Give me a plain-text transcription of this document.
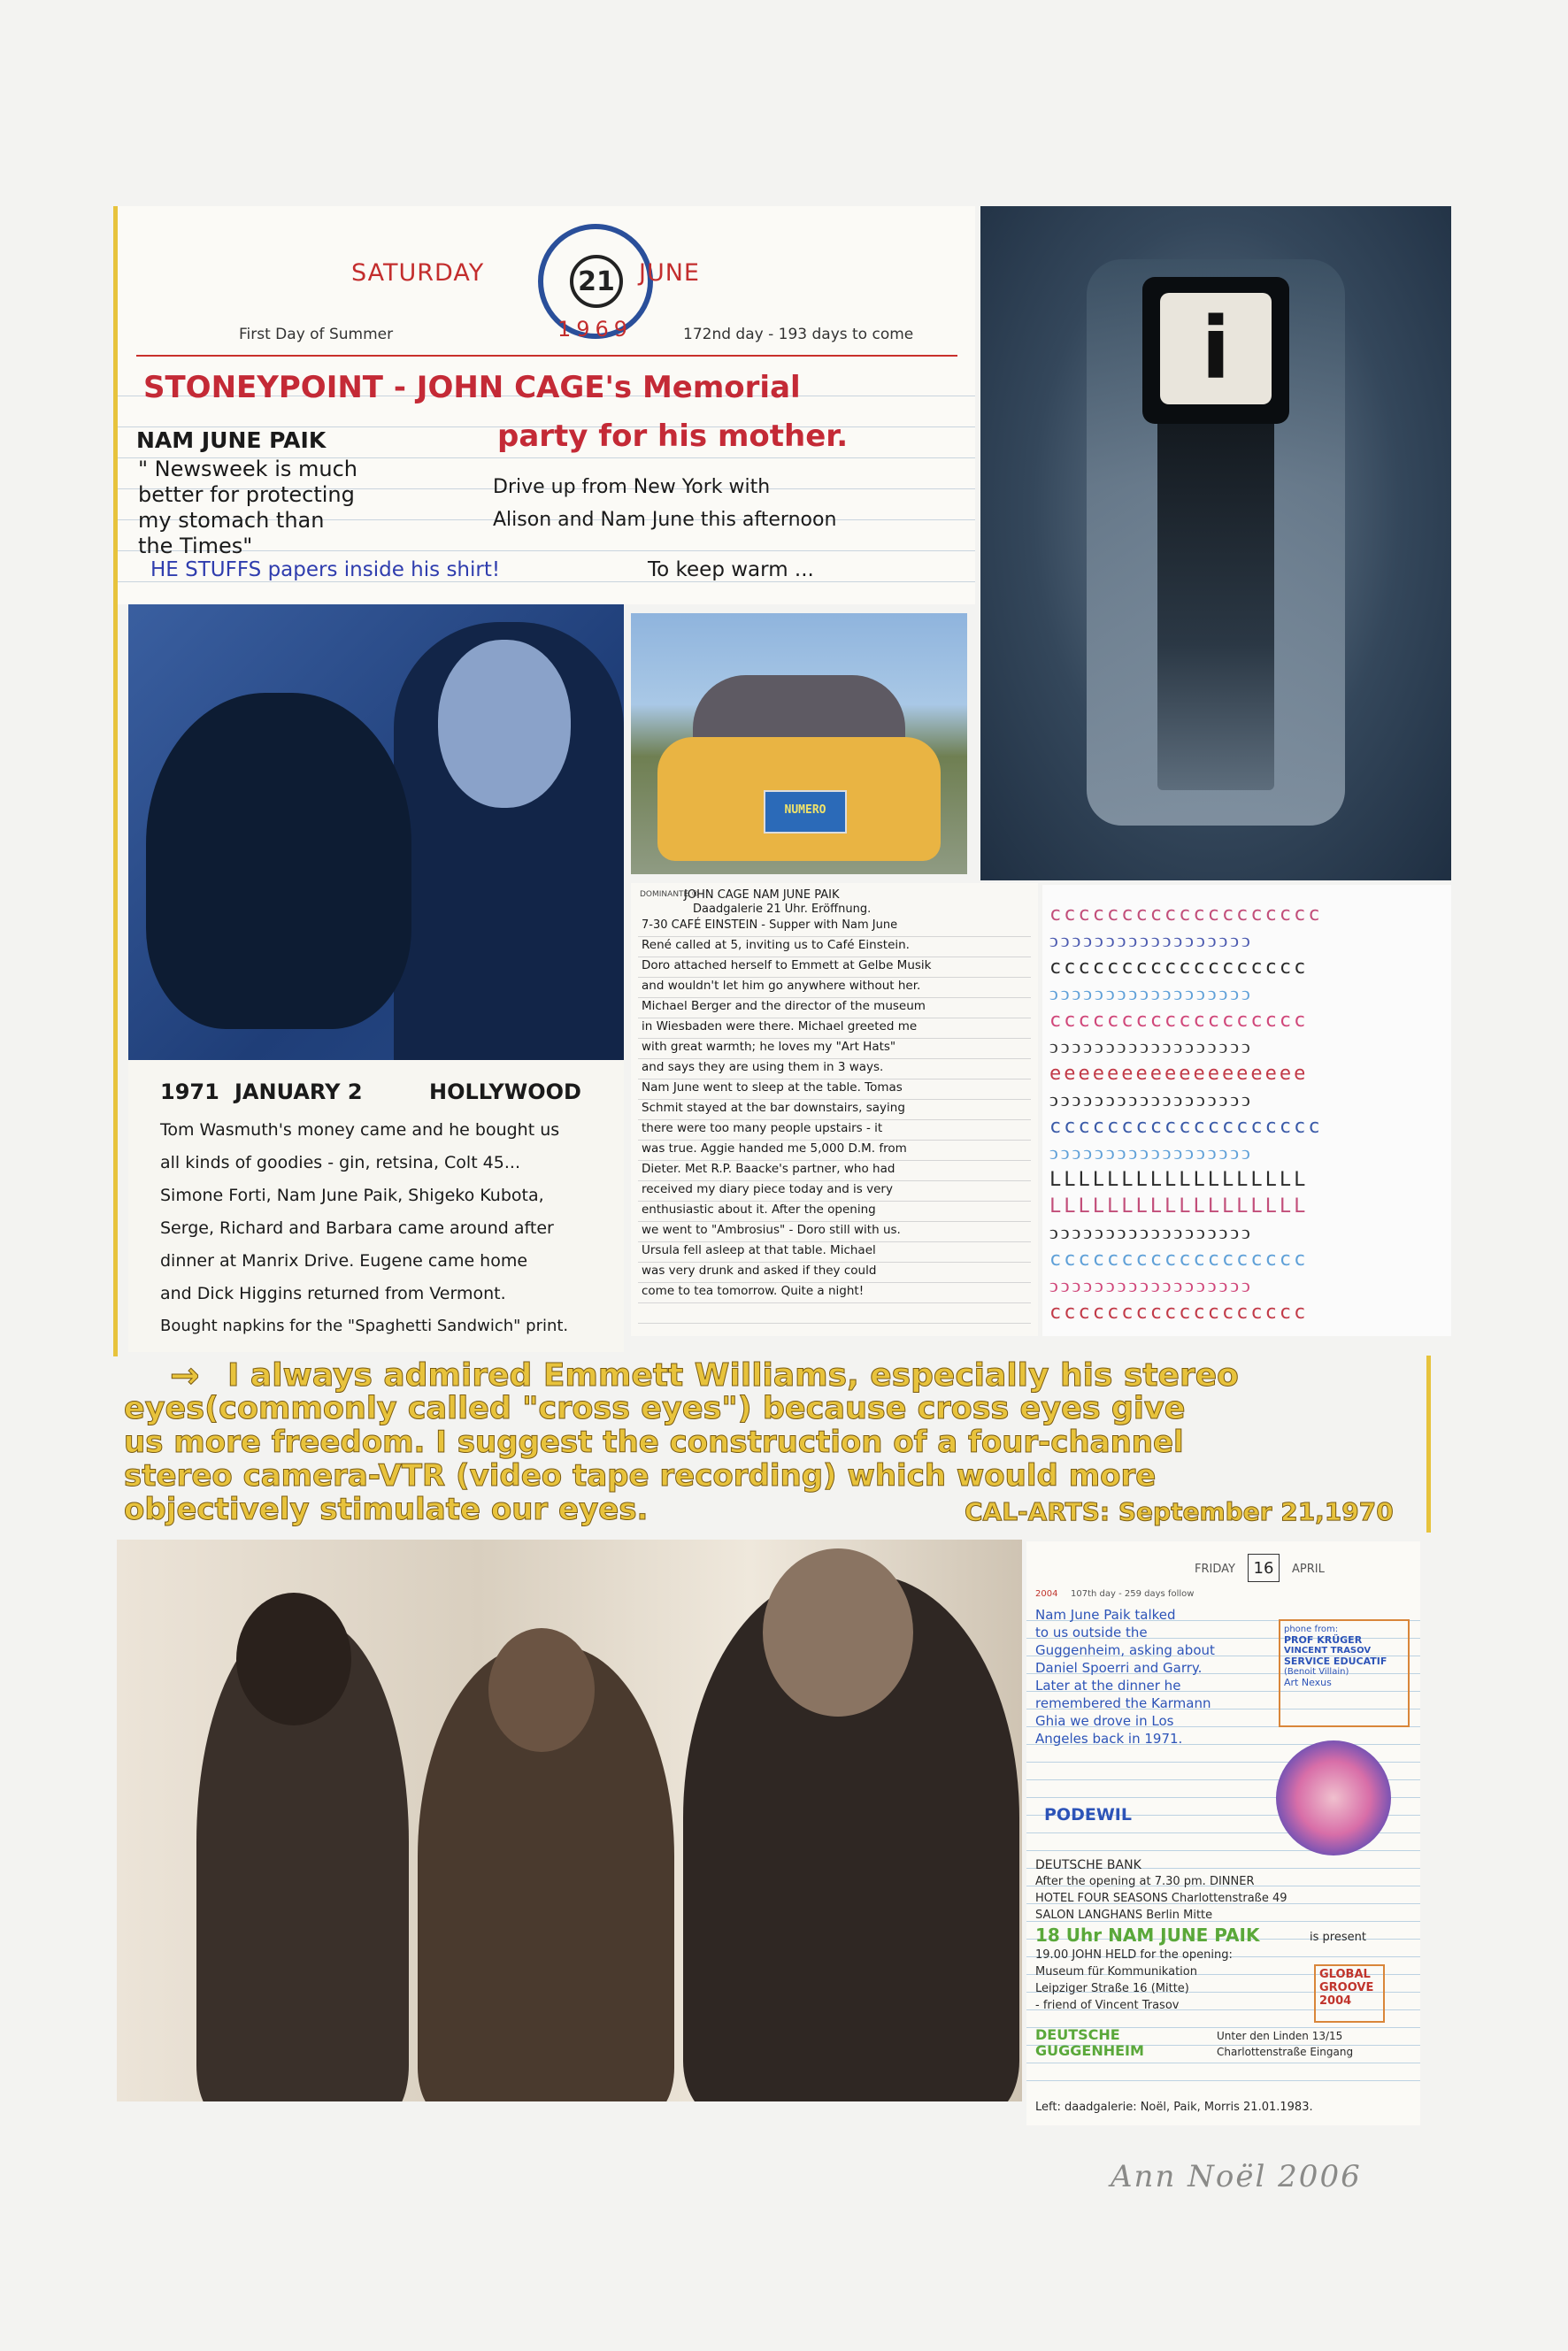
SATURDAY	21	JUNE
1969
First Day of Summer	172nd day - 193 days to come
STONEYPOINT - JOHN CAGE's Memorial
NAM JUNE PAIK	party for his mother.
" Newsweek is much
better for protecting
my stomach than
the Times"
Drive up from New York with
Alison and Nam June this afternoon
HE STUFFS papers inside his shirt!	To keep warm ...
i
NUMERO
1971 JANUARY 2	HOLLYWOOD
Tom Wasmuth's money came and he bought us
all kinds of goodies - gin, retsina, Colt 45...
Simone Forti, Nam June Paik, Shigeko Kubota,
Serge, Richard and Barbara came around after
dinner at Manrix Drive. Eugene came home
and Dick Higgins returned from Vermont.
Bought napkins for the "Spaghetti Sandwich" print.
DOMINANTE ®
JOHN CAGE NAM JUNE PAIK
Daadgalerie 21 Uhr. Eröffnung.
7-30 CAFÉ EINSTEIN - Supper with Nam June
René called at 5, inviting us to Café Einstein.
Doro attached herself to Emmett at Gelbe Musik
and wouldn't let him go anywhere without her.
Michael Berger and the director of the museum
in Wiesbaden were there. Michael greeted me
with great warmth; he loves my "Art Hats"
and says they are using them in 3 ways.
Nam June went to sleep at the table. Tomas
Schmit stayed at the bar downstairs, saying
there were too many people upstairs - it
was true. Aggie handed me 5,000 D.M. from
Dieter. Met R.P. Baacke's partner, who had
received my diary piece today and is very
enthusiastic about it. After the opening
we went to "Ambrosius" - Doro still with us.
Ursula fell asleep at that table. Michael
was very drunk and asked if they could
come to tea tomorrow. Quite a night!
ccccccccccccccccccc
ↄↄↄↄↄↄↄↄↄↄↄↄↄↄↄↄↄↄ
cccccccccccccccccc
ↄↄↄↄↄↄↄↄↄↄↄↄↄↄↄↄↄↄ
cccccccccccccccccc
ↄↄↄↄↄↄↄↄↄↄↄↄↄↄↄↄↄↄ
eeeeeeeeeeeeeeeeee
ↄↄↄↄↄↄↄↄↄↄↄↄↄↄↄↄↄↄ
ccccccccccccccccccc
ↄↄↄↄↄↄↄↄↄↄↄↄↄↄↄↄↄↄ
LLLLLLLLLLLLLLLLLL
LLLLLLLLLLLLLLLLLL
ↄↄↄↄↄↄↄↄↄↄↄↄↄↄↄↄↄↄ
cccccccccccccccccc
ↄↄↄↄↄↄↄↄↄↄↄↄↄↄↄↄↄↄ
cccccccccccccccccc
→ I always admired Emmett Williams, especially his stereo
eyes(commonly called "cross eyes") because cross eyes give
us more freedom. I suggest the construction of a four-channel
stereo camera-VTR (video tape recording) which would more
objectively stimulate our eyes.	CAL-ARTS: September 21,1970
FRIDAY	16	APRIL
2004 107th day - 259 days follow
Nam June Paik talked
to us outside the
Guggenheim, asking about
Daniel Spoerri and Garry.
Later at the dinner he
remembered the Karmann
Ghia we drove in Los
Angeles back in 1971.
phone from:
PROF KRÜGER
VINCENT TRASOV
SERVICE EDUCATIF
(Benoit Villain)
Art Nexus
PODEWIL
DEUTSCHE BANK
After the opening at 7.30 pm. DINNER
HOTEL FOUR SEASONS Charlottenstraße 49
SALON LANGHANS Berlin Mitte
18 Uhr NAM JUNE PAIK	is present
19.00 JOHN HELD for the opening:
Museum für Kommunikation
Leipziger Straße 16 (Mitte)
- friend of Vincent Trasov
GLOBAL
GROOVE
2004
DEUTSCHE
GUGGENHEIM
Unter den Linden 13/15
Charlottenstraße Eingang
Left: daadgalerie: Noël, Paik, Morris 21.01.1983.
Ann Noël 2006
